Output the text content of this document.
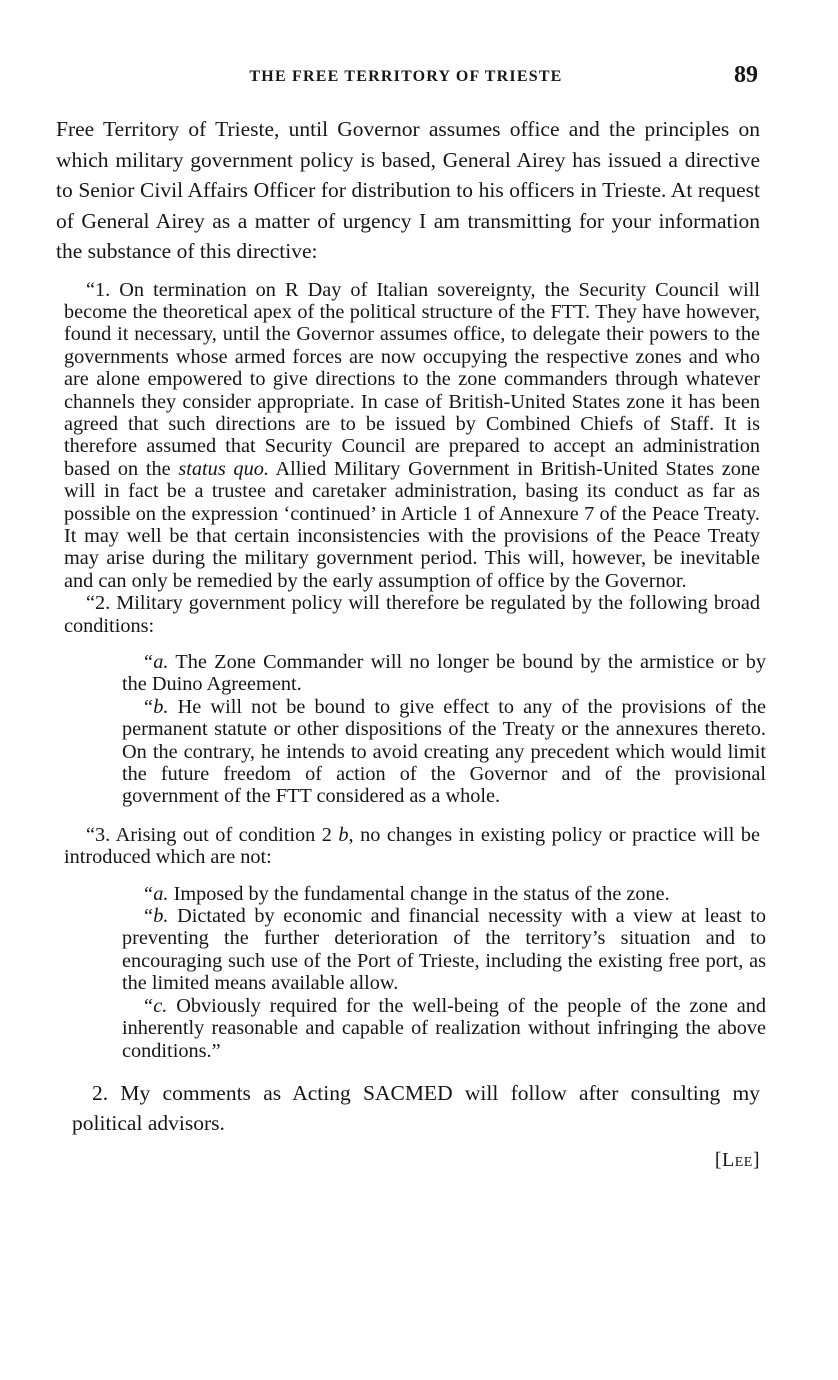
THE FREE TERRITORY OF TRIESTE	89

Free Territory of Trieste, until Governor assumes office and the principles on which military government policy is based, General Airey has issued a directive to Senior Civil Affairs Officer for distribution to his officers in Trieste. At request of General Airey as a matter of urgency I am transmitting for your information the substance of this directive:

“1. On termination on R Day of Italian sovereignty, the Security Council will become the theoretical apex of the political structure of the FTT. They have however, found it necessary, until the Governor assumes office, to delegate their powers to the governments whose armed forces are now occupying the respective zones and who are alone empowered to give directions to the zone commanders through whatever channels they consider appropriate. In case of British-United States zone it has been agreed that such directions are to be issued by Combined Chiefs of Staff. It is therefore assumed that Security Council are prepared to accept an administration based on the status quo. Allied Military Government in British-United States zone will in fact be a trustee and caretaker administration, basing its conduct as far as possible on the expression ‘continued’ in Article 1 of Annexure 7 of the Peace Treaty. It may well be that certain inconsistencies with the provisions of the Peace Treaty may arise during the military government period. This will, however, be inevitable and can only be remedied by the early assumption of office by the Governor.

“2. Military government policy will therefore be regulated by the following broad conditions:

“a. The Zone Commander will no longer be bound by the armistice or by the Duino Agreement.

“b. He will not be bound to give effect to any of the provisions of the permanent statute or other dispositions of the Treaty or the annexures thereto. On the contrary, he intends to avoid creating any precedent which would limit the future freedom of action of the Governor and of the provisional government of the FTT considered as a whole.

“3. Arising out of condition 2 b, no changes in existing policy or practice will be introduced which are not:

“a. Imposed by the fundamental change in the status of the zone.

“b. Dictated by economic and financial necessity with a view at least to preventing the further deterioration of the territory’s situation and to encouraging such use of the Port of Trieste, including the existing free port, as the limited means available allow.

“c. Obviously required for the well-being of the people of the zone and inherently reasonable and capable of realization without infringing the above conditions.”

2. My comments as Acting SACMED will follow after consulting my political advisors.

[Lee]
